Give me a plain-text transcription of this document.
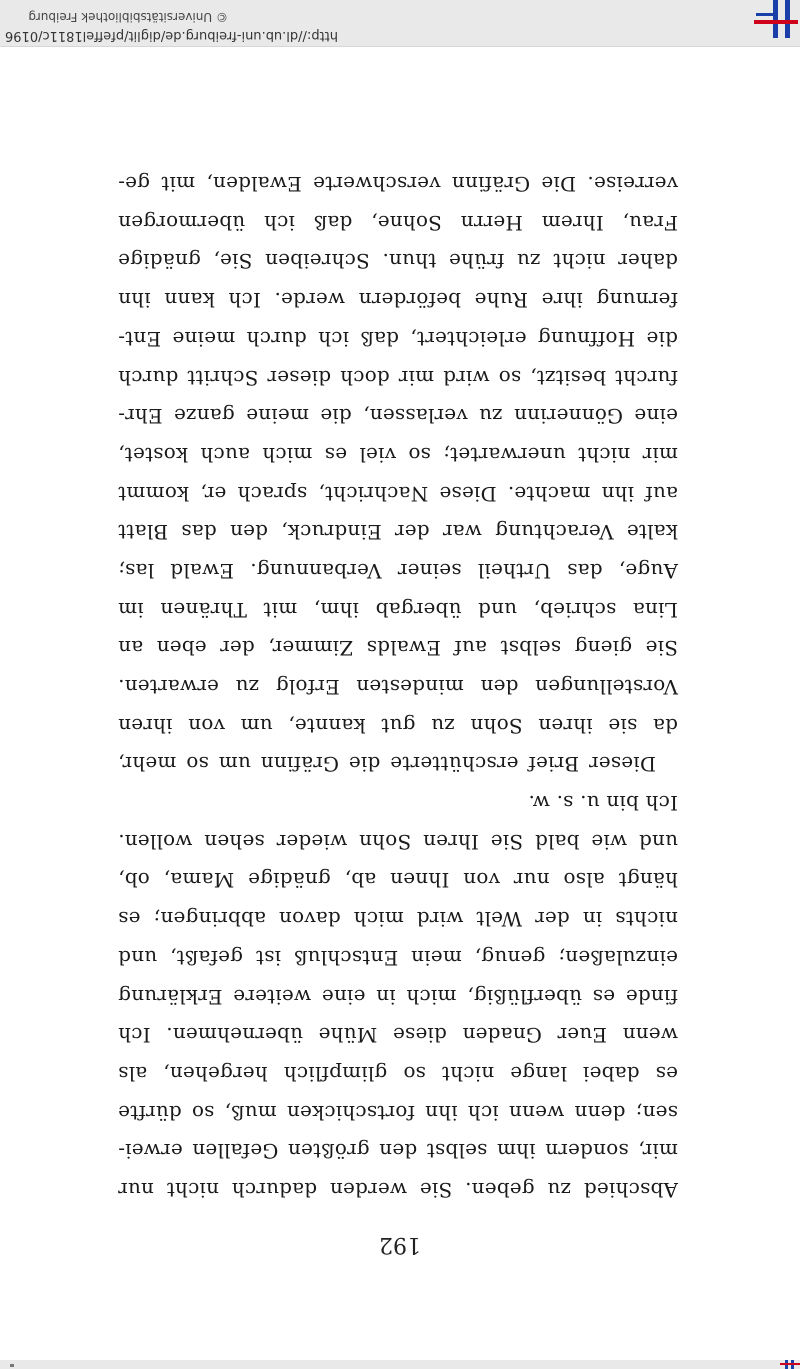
192
Abschied zu geben. Sie werden dadurch nicht nur
mir, sondern ihm selbst den größten Gefallen erwei-
sen; denn wenn ich ihn fortschicken muß, so dürfte
es dabei lange nicht so glimpflich hergehen, als
wenn Euer Gnaden diese Mühe übernehmen. Ich
finde es überflüßig, mich in eine weitere Erklärung
einzulaßen; genug, mein Entschluß ist gefaßt, und
nichts in der Welt wird mich davon abbringen; es
hängt also nur von Ihnen ab, gnädige Mama, ob,
und wie bald Sie Ihren Sohn wieder sehen wollen.
Ich bin u. s. w.
Dieser Brief erschütterte die Gräfinn um so mehr,
da sie ihren Sohn zu gut kannte, um von ihren
Vorstellungen den mindesten Erfolg zu erwarten.
Sie gieng selbst auf Ewalds Zimmer, der eben an
Lina schrieb, und übergab ihm, mit Thränen im
Auge, das Urtheil seiner Verbannung. Ewald las;
kalte Verachtung war der Eindruck, den das Blatt
auf ihn machte. Diese Nachricht, sprach er, kommt
mir nicht unerwartet; so viel es mich auch kostet,
eine Gönnerinn zu verlassen, die meine ganze Ehr-
furcht besitzt, so wird mir doch dieser Schritt durch
die Hoffnung erleichtert, daß ich durch meine Ent-
fernung ihre Ruhe befördern werde. Ich kann ihn
daher nicht zu frühe thun. Schreiben Sie, gnädige
Frau, Ihrem Herrn Sohne, daß ich übermorgen
verreise. Die Gräfinn verschwerte Ewalden, mit ge-
http://dl.ub.uni-freiburg.de/diglit/pfeffel1811c/0196
© Universitätsbibliothek Freiburg
